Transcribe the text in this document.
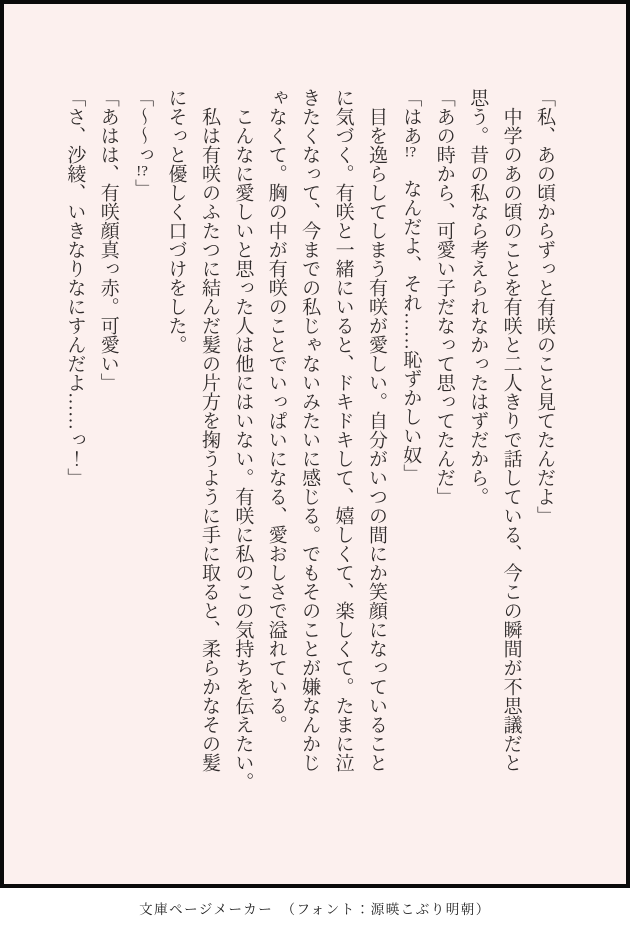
「私、あの頃からずっと有咲のこと見てたんだよ」

　中学のあの頃のことを有咲と二人きりで話している、今この瞬間が不思議だと

思う。昔の私なら考えられなかったはずだから。

「あの時から、可愛い子だなって思ってたんだ」

「はあ!?　なんだよ、それ……恥ずかしい奴」

　目を逸らしてしまう有咲が愛しい。自分がいつの間にか笑顔になっていること

に気づく。有咲と一緒にいると、ドキドキして、嬉しくて、楽しくて。たまに泣

きたくなって、今までの私じゃないみたいに感じる。でもそのことが嫌なんかじ

ゃなくて。胸の中が有咲のことでいっぱいになる、愛おしさで溢れている。

　こんなに愛しいと思った人は他にはいない。有咲に私のこの気持ちを伝えたい。

　私は有咲のふたつに結んだ髪の片方を掬うように手に取ると、柔らかなその髪

にそっと優しく口づけをした。

「〜〜っ!?」

「あはは、有咲顔真っ赤。可愛い」

「さ、沙綾、いきなりなにすんだよ……っ！」

文庫ページメーカー　（フォント：源暎こぶり明朝）
